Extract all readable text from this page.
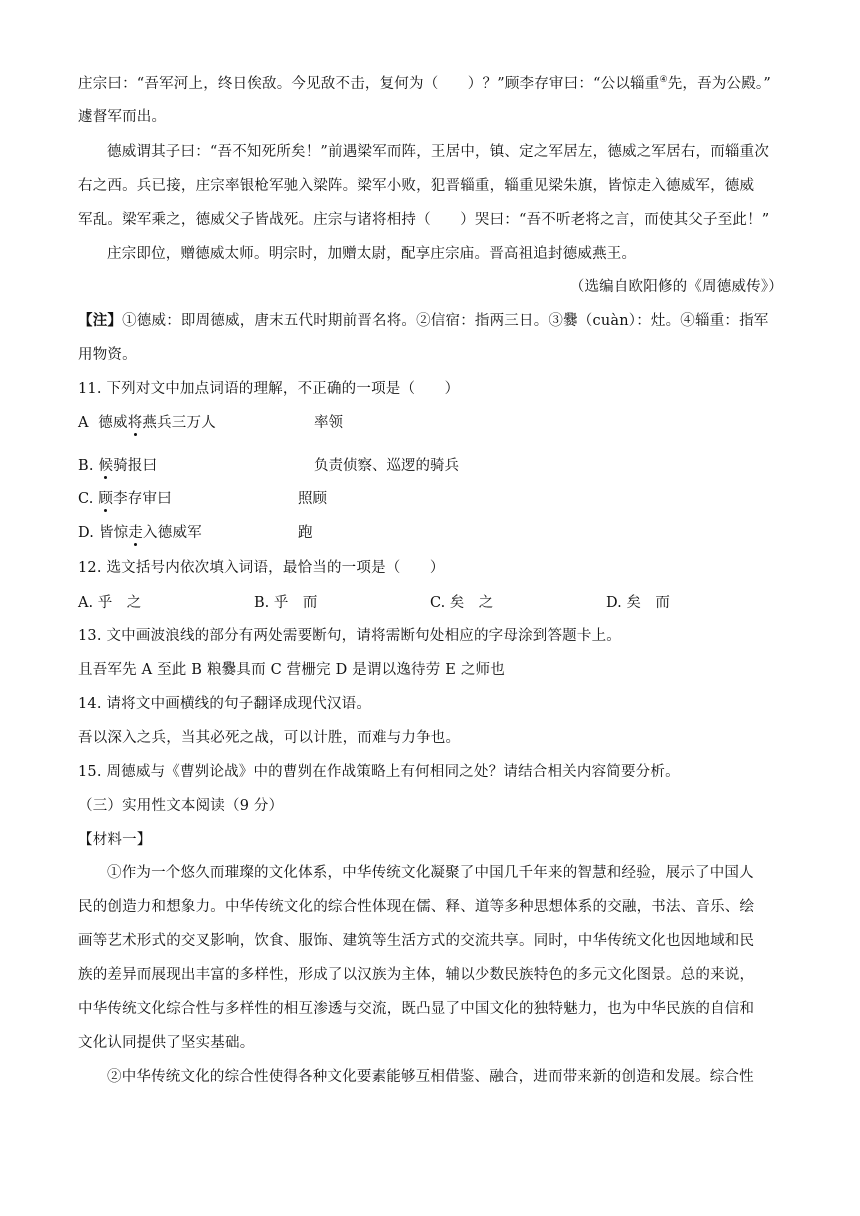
庄宗曰：“吾军河上，终日俟敌。今见敌不击，复何为（　　）？”顾李存审曰：“公以辎重④先，吾为公殿。”
遽督军而出。
德威谓其子曰：“吾不知死所矣！”前遇梁军而阵，王居中，镇、定之军居左，德威之军居右，而辎重次
右之西。兵已接，庄宗率银枪军驰入梁阵。梁军小败，犯晋辎重，辎重见梁朱旗，皆惊走入德威军，德威
军乱。梁军乘之，德威父子皆战死。庄宗与诸将相持（　　）哭曰：“吾不听老将之言，而使其父子至此！”
庄宗即位，赠德威太师。明宗时，加赠太尉，配享庄宗庙。晋高祖追封德威燕王。
（选编自欧阳修的《周德威传》）
【注】①德威：即周德威，唐末五代时期前晋名将。②信宿：指两三日。③爨（cuàn）：灶。④辎重：指军
用物资。
11. 下列对文中加点词语的理解，不正确的一项是（　　）
A 德威将燕兵三万人	率领
B. 候骑报曰	负责侦察、巡逻的骑兵
C. 顾李存审曰	照顾
D. 皆惊走入德威军	跑
12. 选文括号内依次填入词语，最恰当的一项是（　　）
A. 乎　之	B. 乎　而	C. 矣　之	D. 矣　而
13. 文中画波浪线的部分有两处需要断句，请将需断句处相应的字母涂到答题卡上。
且吾军先 A 至此 B 粮爨具而 C 营栅完 D 是谓以逸待劳 E 之师也
14. 请将文中画横线的句子翻译成现代汉语。
吾以深入之兵，当其必死之战，可以计胜，而难与力争也。
15. 周德威与《曹刿论战》中的曹刿在作战策略上有何相同之处？请结合相关内容简要分析。
（三）实用性文本阅读（9 分）
【材料一】
①作为一个悠久而璀璨的文化体系，中华传统文化凝聚了中国几千年来的智慧和经验，展示了中国人
民的创造力和想象力。中华传统文化的综合性体现在儒、释、道等多种思想体系的交融，书法、音乐、绘
画等艺术形式的交叉影响，饮食、服饰、建筑等生活方式的交流共享。同时，中华传统文化也因地域和民
族的差异而展现出丰富的多样性，形成了以汉族为主体，辅以少数民族特色的多元文化图景。总的来说，
中华传统文化综合性与多样性的相互渗透与交流，既凸显了中国文化的独特魅力，也为中华民族的自信和
文化认同提供了坚实基础。
②中华传统文化的综合性使得各种文化要素能够互相借鉴、融合，进而带来新的创造和发展。综合性
